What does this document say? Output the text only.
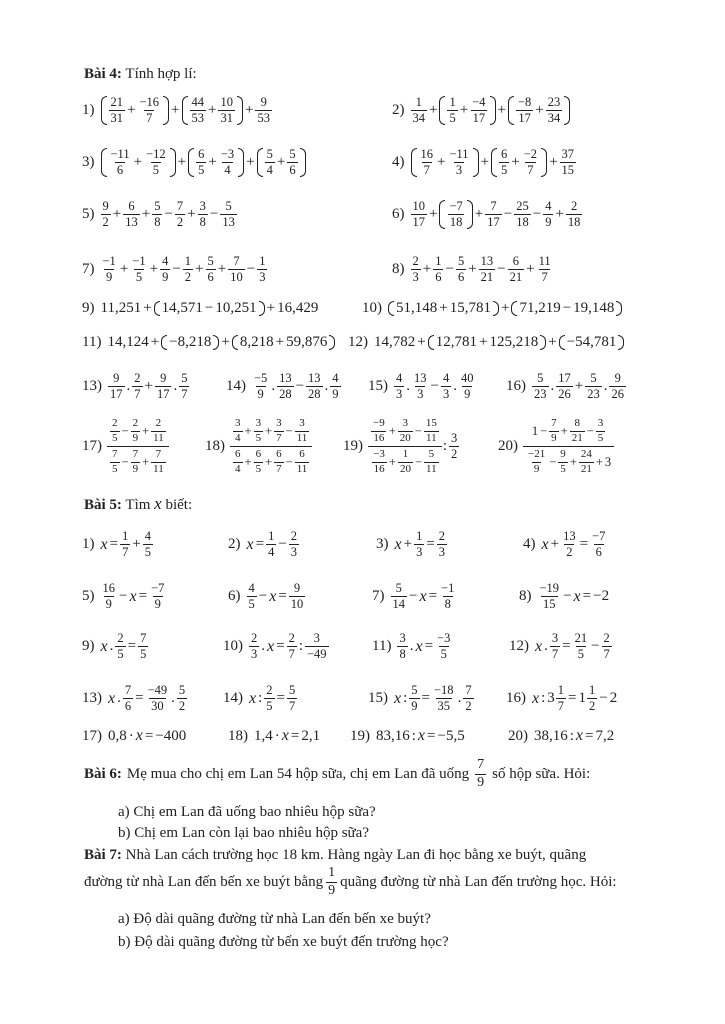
Bài 4: Tính hợp lí:
$1) \frac{21}{31} + \frac{-16}{7} + \frac{44}{53} + \frac{10}{31} + \frac{9}{53}$	$2) \frac{1}{34} + \frac{1}{5} + \frac{-4}{17} + \frac{-8}{17} + \frac{23}{34}$
$3) \frac{-11}{6} + \frac{-12}{5} + \frac{6}{5} + \frac{-3}{4} + \frac{5}{4} + \frac{5}{6}$	$4) \frac{16}{7} + \frac{-11}{3} + \frac{6}{5} + \frac{-2}{7} + \frac{37}{15}$
$5) \frac{9}{2} + \frac{6}{13} + \frac{5}{8} - \frac{7}{2} + \frac{3}{8} - \frac{5}{13}$	$6) \frac{10}{17} + \frac{-7}{18} + \frac{7}{17} - \frac{25}{18} - \frac{4}{9} + \frac{2}{18}$
$7) \frac{-1}{9} + \frac{-1}{5} + \frac{4}{9} - \frac{1}{2} + \frac{5}{6} + \frac{7}{10} - \frac{1}{3}$	$8) \frac{2}{3} + \frac{1}{6} - \frac{5}{6} + \frac{13}{21} - \frac{6}{21} + \frac{11}{7}$
9) 11,251 + 14,571 − 10,251 + 16,429	10) 51,148 + 15,781 + 71,219 − 19,148
11) 14,124 + −8,218 + 8,218 + 59,876 12) 14,782 + 12,781 + 125,218 + −54,781
$13) \frac{9}{17}$ . $\frac{2}{7} + \frac{9}{17}$ . $\frac{5}{7} 14) \frac{-5}{9}$ . $\frac{13}{28} - \frac{13}{28}$ . $\frac{4}{9} 15) \frac{4}{3}$ . $\frac{13}{3} - \frac{4}{3}$ . $\frac{40}{9} 16) \frac{5}{23}$ . $\frac{17}{26} + \frac{5}{23}$ . $\frac{9}{26}$
$17) \frac{\frac{2}{5} - \frac{2}{9} + \frac{2}{11}}{\frac{7}{5} - \frac{7}{9} + \frac{7}{11}} 18) \frac{\frac{3}{4} + \frac{3}{5} + \frac{3}{7} - \frac{3}{11}}{\frac{6}{4} + \frac{6}{5} + \frac{6}{7} - \frac{6}{11}} 19) \frac{\frac{-9}{16} + \frac{3}{20} - \frac{15}{11}}{\frac{-3}{16} + \frac{1}{20} - \frac{5}{11}}$ : $\frac{3}{2}$	$20) \frac{1 - \frac{7}{9} + \frac{8}{21} - \frac{3}{5}}{\frac{-21}{9} - \frac{9}{5} + \frac{24}{21} + 3}$
Bài 5: Tìm x biết:
1) $x = \frac{1}{7} + \frac{4}{5}$	2) $x = \frac{1}{4} - \frac{2}{3}$	3) $x + \frac{1}{3} = \frac{2}{3}$	4) $x + \frac{13}{2} = \frac{-7}{6}$
$5) \frac{16}{9} - x = \frac{-7}{9}$	$6) \frac{4}{5} - x = \frac{9}{10}$	$7) \frac{5}{14} - x = \frac{-1}{8}$	$8) \frac{-19}{15} - x = -2$
9) x . $\frac{2}{5} = \frac{7}{5}$	$10) \frac{2}{3}$ . $x = \frac{2}{7}$ : $\frac{3}{-49}$	$11) \frac{3}{8}$ . $x = \frac{-3}{5}$	12) x . $\frac{3}{7} = \frac{21}{5} - \frac{2}{7}$
13) x . $\frac{7}{6} = \frac{-49}{30}$ . $\frac{5}{2} 14$) x : $\frac{2}{5} = \frac{5}{7}$	15) x : $\frac{5}{9} = \frac{-18}{35}$ . $\frac{7}{2} 16$) x : $3 \frac{1}{7} = 1 \frac{1}{2} - 2$
17) 0,8 · x = −400	18) 1,4 · x = 2,1 19) 83,16 : x = −5,5	20) 38,16 : x = 7,2
Bài 6: Mẹ mua cho chị em Lan 54 hộp sữa, chị em Lan đã uống $\frac{7}{9}$ số hộp sữa. Hỏi:
a) Chị em Lan đã uống bao nhiêu hộp sữa?
b) Chị em Lan còn lại bao nhiêu hộp sữa?
Bài 7: Nhà Lan cách trường học 18 km. Hàng ngày Lan đi học bằng xe buýt, quãng
đường từ nhà Lan đến bến xe buýt bằng $\frac{1}{9}$ quãng đường từ nhà Lan đến trường học. Hỏi:
a) Độ dài quãng đường từ nhà Lan đến bến xe buýt?
b) Độ dài quãng đường từ bến xe buýt đến trường học?
